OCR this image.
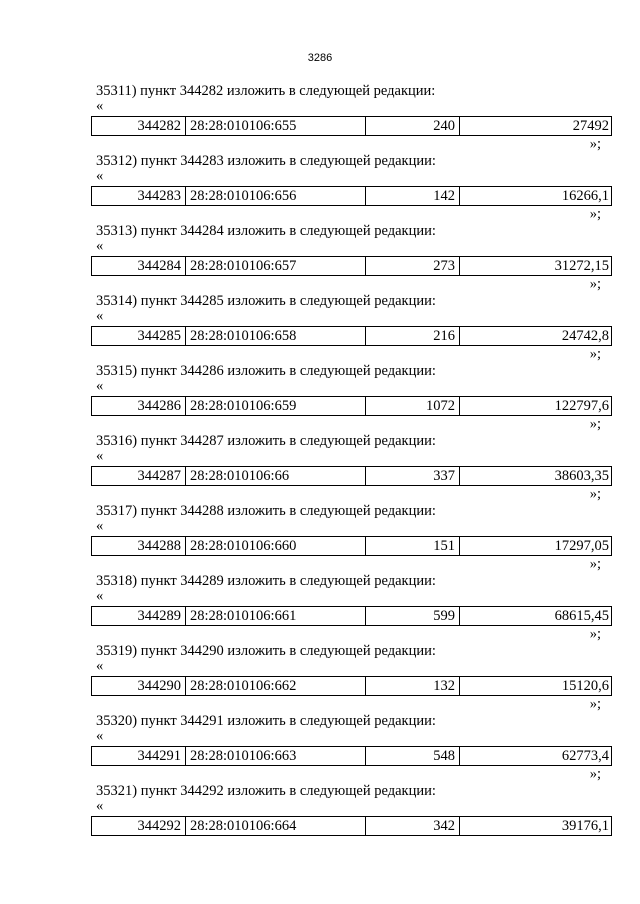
3286
35311) пункт 344282 изложить в следующей редакции:
«
344282 28:28:010106:655	240	27492
»;
35312) пункт 344283 изложить в следующей редакции:
«
344283 28:28:010106:656	142	16266,1
»;
35313) пункт 344284 изложить в следующей редакции:
«
344284 28:28:010106:657	273	31272,15
»;
35314) пункт 344285 изложить в следующей редакции:
«
344285 28:28:010106:658	216	24742,8
»;
35315) пункт 344286 изложить в следующей редакции:
«
344286 28:28:010106:659	1072	122797,6
»;
35316) пункт 344287 изложить в следующей редакции:
«
344287 28:28:010106:66	337	38603,35
»;
35317) пункт 344288 изложить в следующей редакции:
«
344288 28:28:010106:660	151	17297,05
»;
35318) пункт 344289 изложить в следующей редакции:
«
344289 28:28:010106:661	599	68615,45
»;
35319) пункт 344290 изложить в следующей редакции:
«
344290 28:28:010106:662	132	15120,6
»;
35320) пункт 344291 изложить в следующей редакции:
«
344291 28:28:010106:663	548	62773,4
»;
35321) пункт 344292 изложить в следующей редакции:
«
344292 28:28:010106:664	342	39176,1
